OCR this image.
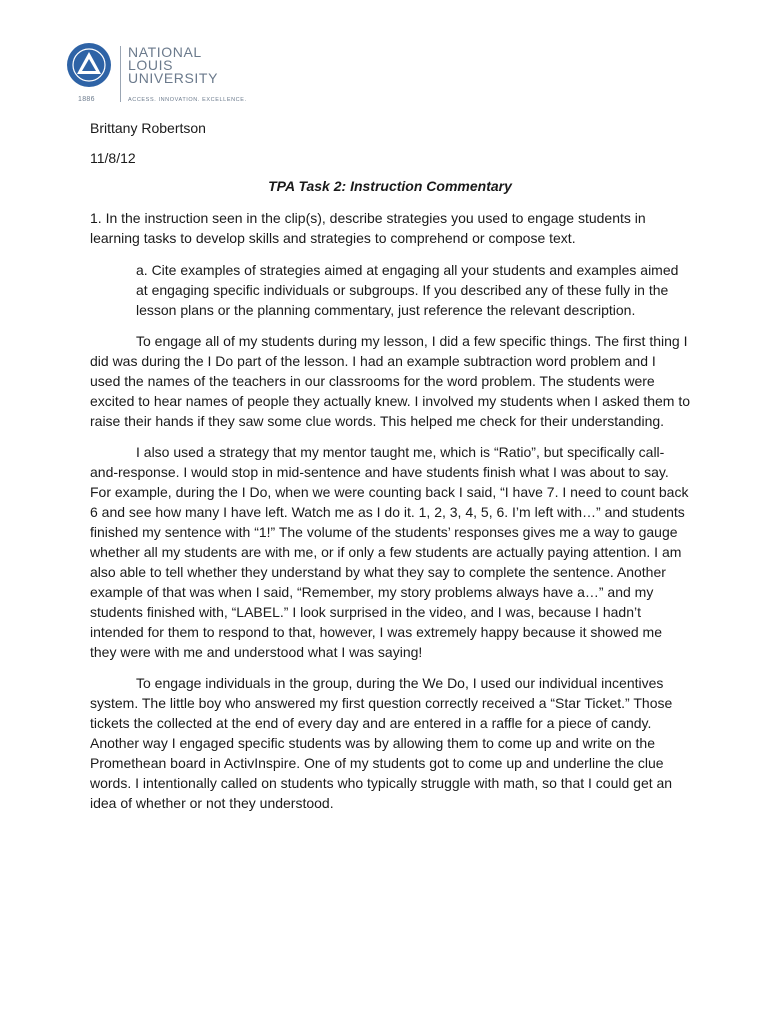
1886
NATIONAL
LOUIS
UNIVERSITY
ACCESS. INNOVATION. EXCELLENCE.

Brittany Robertson

11/8/12

TPA Task 2: Instruction Commentary

1. In the instruction seen in the clip(s), describe strategies you used to engage students in learning tasks to develop skills and strategies to comprehend or compose text.

a. Cite examples of strategies aimed at engaging all your students and examples aimed at engaging specific individuals or subgroups. If you described any of these fully in the lesson plans or the planning commentary, just reference the relevant description.

To engage all of my students during my lesson, I did a few specific things. The first thing I did was during the I Do part of the lesson. I had an example subtraction word problem and I used the names of the teachers in our classrooms for the word problem. The students were excited to hear names of people they actually knew. I involved my students when I asked them to raise their hands if they saw some clue words. This helped me check for their understanding.

I also used a strategy that my mentor taught me, which is “Ratio”, but specifically call-and-response. I would stop in mid-sentence and have students finish what I was about to say. For example, during the I Do, when we were counting back I said, “I have 7. I need to count back 6 and see how many I have left. Watch me as I do it. 1, 2, 3, 4, 5, 6. I’m left with…” and students finished my sentence with “1!” The volume of the students’ responses gives me a way to gauge whether all my students are with me, or if only a few students are actually paying attention. I am also able to tell whether they understand by what they say to complete the sentence. Another example of that was when I said, “Remember, my story problems always have a…” and my students finished with, “LABEL.” I look surprised in the video, and I was, because I hadn’t intended for them to respond to that, however, I was extremely happy because it showed me they were with me and understood what I was saying!

To engage individuals in the group, during the We Do, I used our individual incentives system. The little boy who answered my first question correctly received a “Star Ticket.” Those tickets the collected at the end of every day and are entered in a raffle for a piece of candy. Another way I engaged specific students was by allowing them to come up and write on the Promethean board in ActivInspire. One of my students got to come up and underline the clue words. I intentionally called on students who typically struggle with math, so that I could get an idea of whether or not they understood.
